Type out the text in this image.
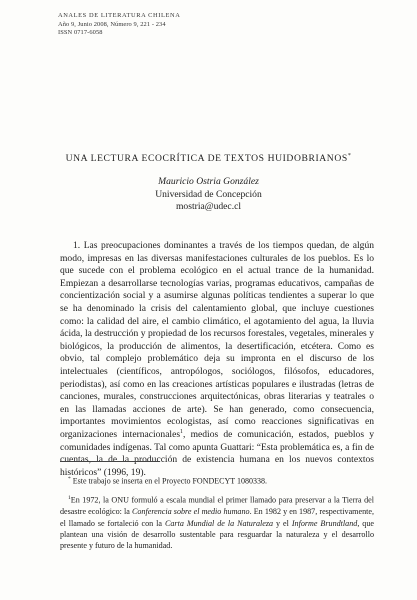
ANALES DE LITERATURA CHILENA
Año 9, Junio 2008, Número 9, 221 - 234
ISSN 0717-6058
UNA LECTURA ECOCRÍTICA DE TEXTOS HUIDOBRIANOS*
Mauricio Ostria González
Universidad de Concepción
mostria@udec.cl

1. Las preocupaciones dominantes a través de los tiempos quedan, de algún modo, impresas en las diversas manifestaciones culturales de los pueblos. Es lo que sucede con el problema ecológico en el actual trance de la humanidad. Empiezan a desarrollarse tecnologías varias, programas educativos, campañas de concientización social y a asumirse algunas políticas tendientes a superar lo que se ha denominado la crisis del calentamiento global, que incluye cuestiones como: la calidad del aire, el cambio climático, el agotamiento del agua, la lluvia ácida, la destrucción y propiedad de los recursos forestales, vegetales, minerales y biológicos, la producción de alimentos, la desertificación, etcétera. Como es obvio, tal complejo problemático deja su impronta en el discurso de los intelectuales (científicos, antropólogos, sociólogos, filósofos, educadores, periodistas), así como en las creaciones artísticas populares e ilustradas (letras de canciones, murales, construcciones arquitectónicas, obras literarias y teatrales o en las llamadas acciones de arte). Se han generado, como consecuencia, importantes movimientos ecologistas, así como reacciones significativas en organizaciones internacionales$^1$, medios de comunicación, estados, pueblos y comunidades indígenas. Tal como apunta Guattari: “Esta problemática es, a fin de cuentas, la de la producción de existencia humana en los nuevos contextos históricos” (1996, 19).

* Este trabajo se inserta en el Proyecto FONDECYT 1080338.

$^1$En 1972, la ONU formuló a escala mundial el primer llamado para preservar a la Tierra del desastre ecológico: la Conferencia sobre el medio humano. En 1982 y en 1987, respectivamente, el llamado se fortaleció con la Carta Mundial de la Naturaleza y el Informe Brundtland, que plantean una visión de desarrollo sustentable para resguardar la naturaleza y el desarrollo presente y futuro de la humanidad.
